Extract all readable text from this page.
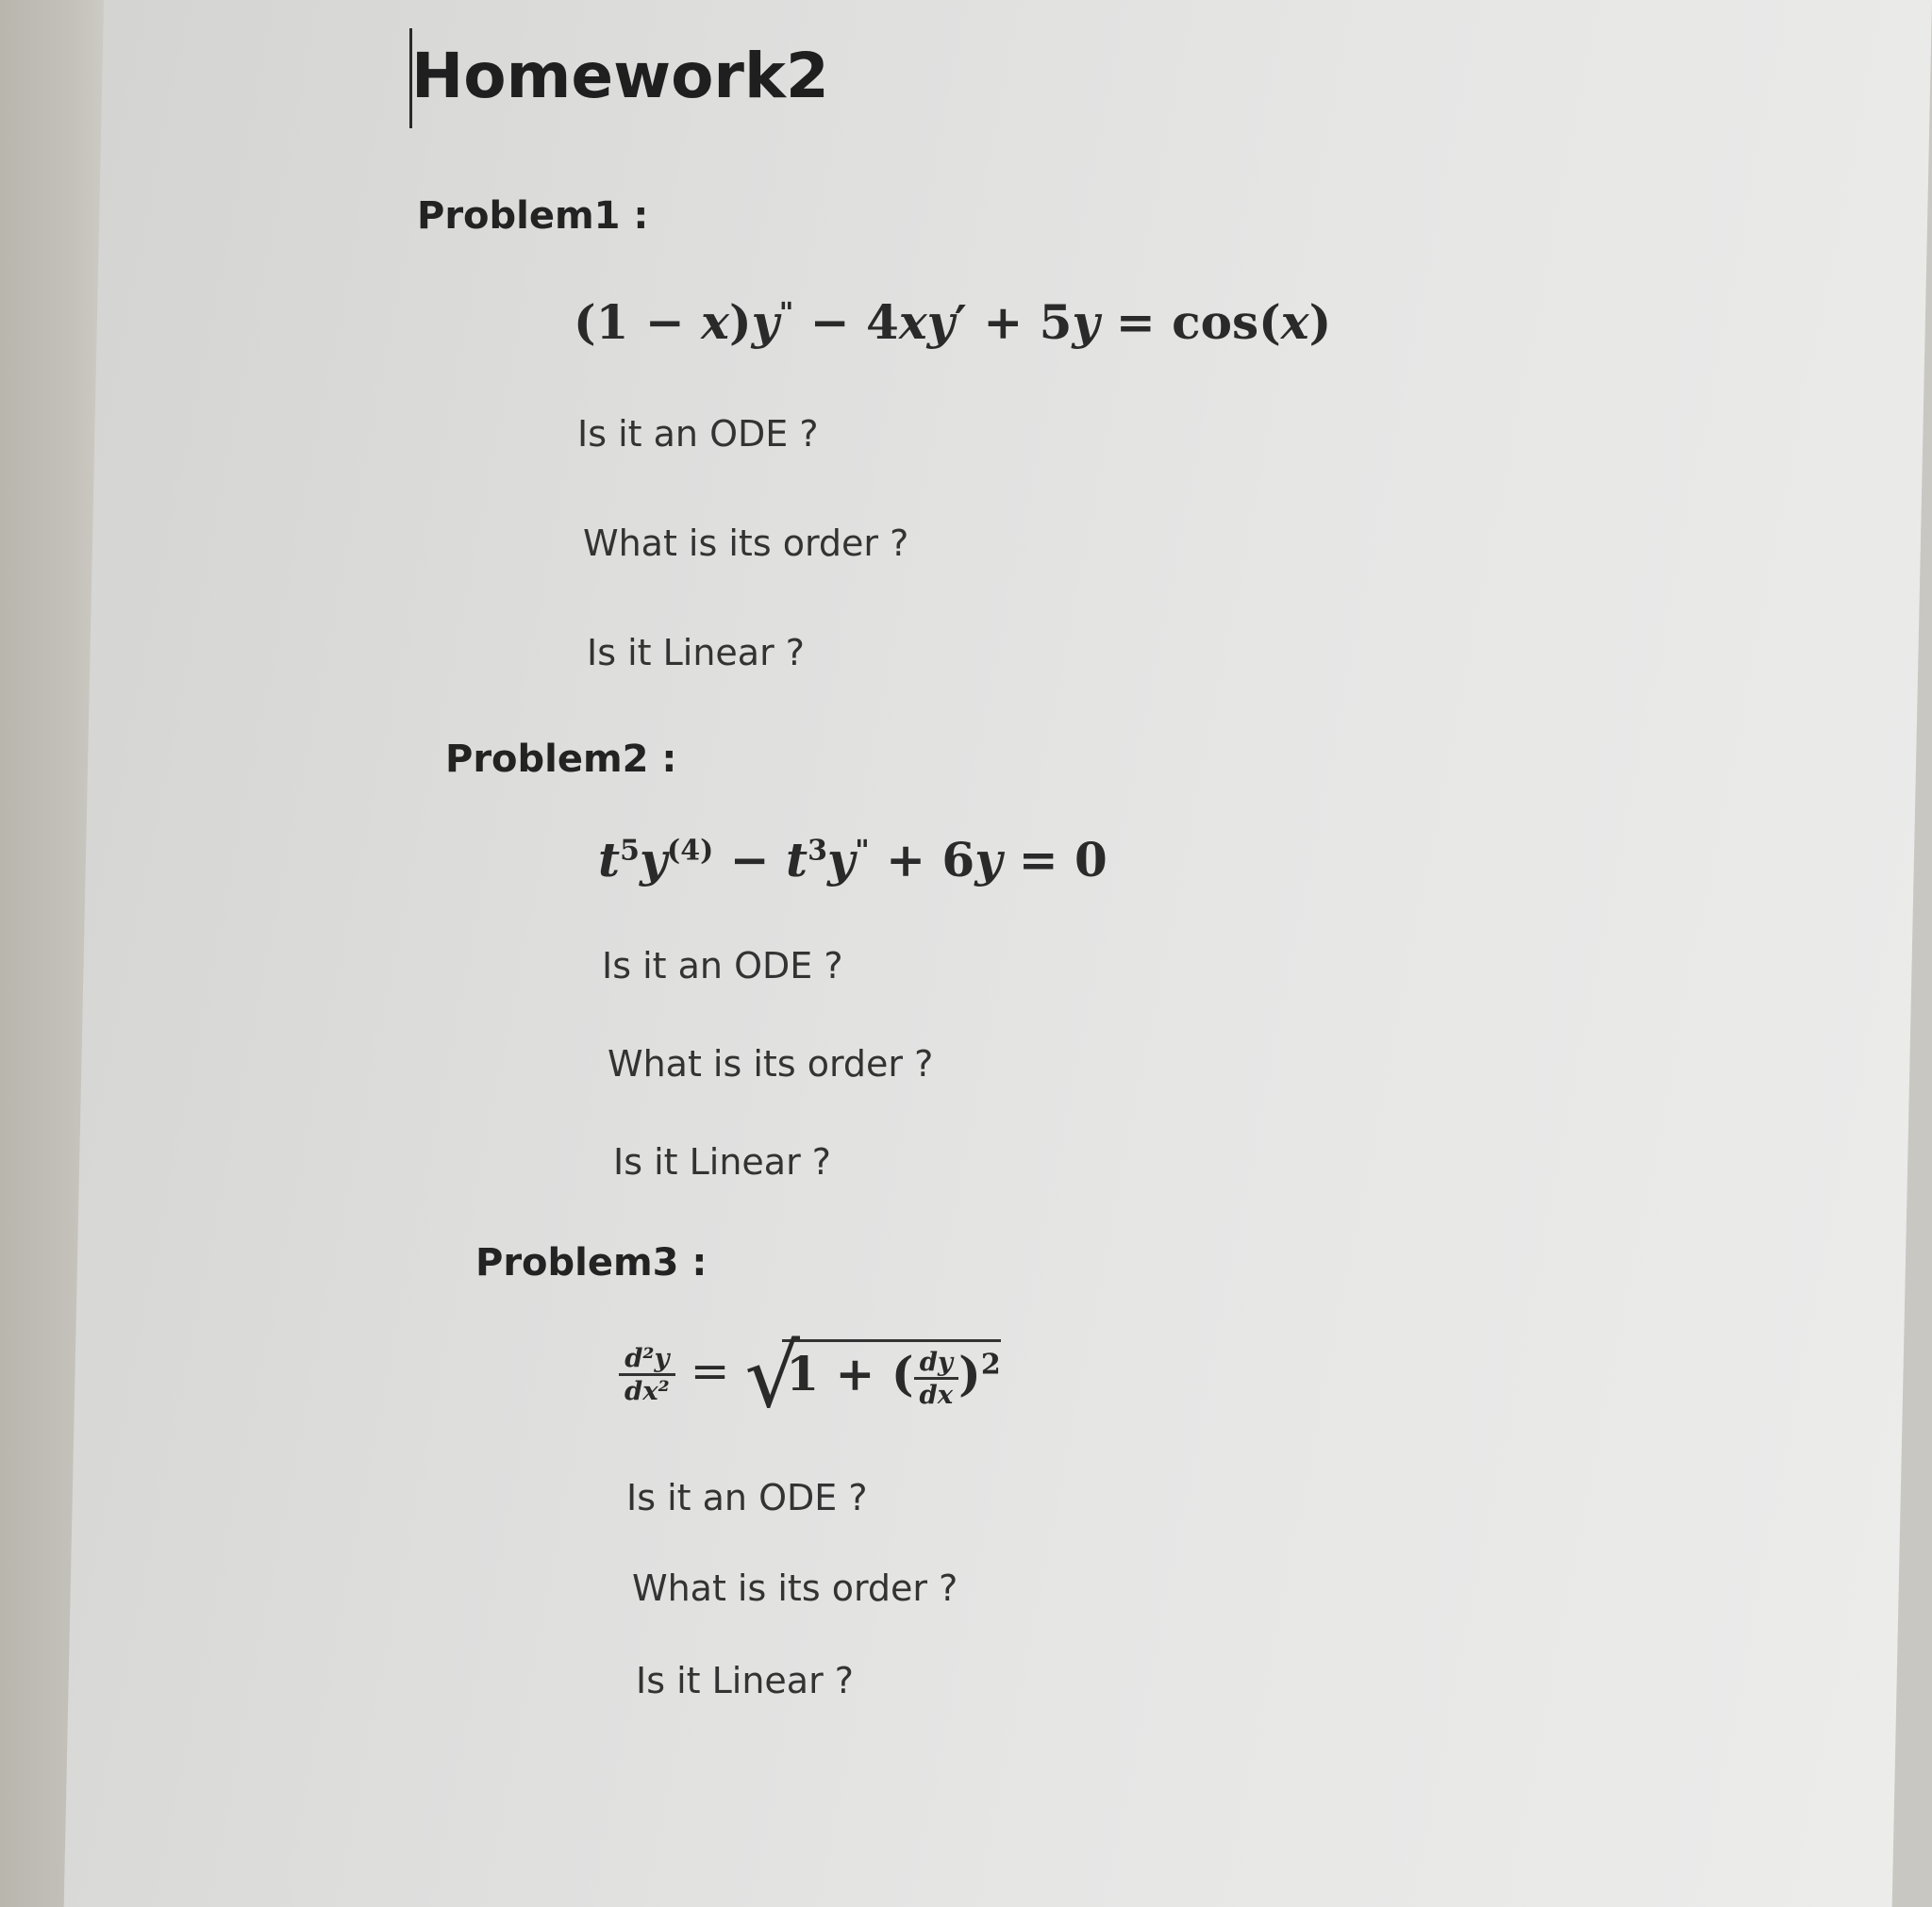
Homework2
Problem1 :
(1 − x)y" − 4xy′ + 5y = cos(x)
Is it an ODE ?
What is its order ?
Is it Linear ?
Problem2 :
$t^5y^{(4)} - t^3y^" + 6y = 0$
Is it an ODE ?
What is its order ?
Is it Linear ?
Problem3 :
$\frac{\text{d²y}}{\text{dx²}}$ = √
1 + ( $\frac{dy}{dx} )^2$
Is it an ODE ?
What is its order ?
Is it Linear ?
